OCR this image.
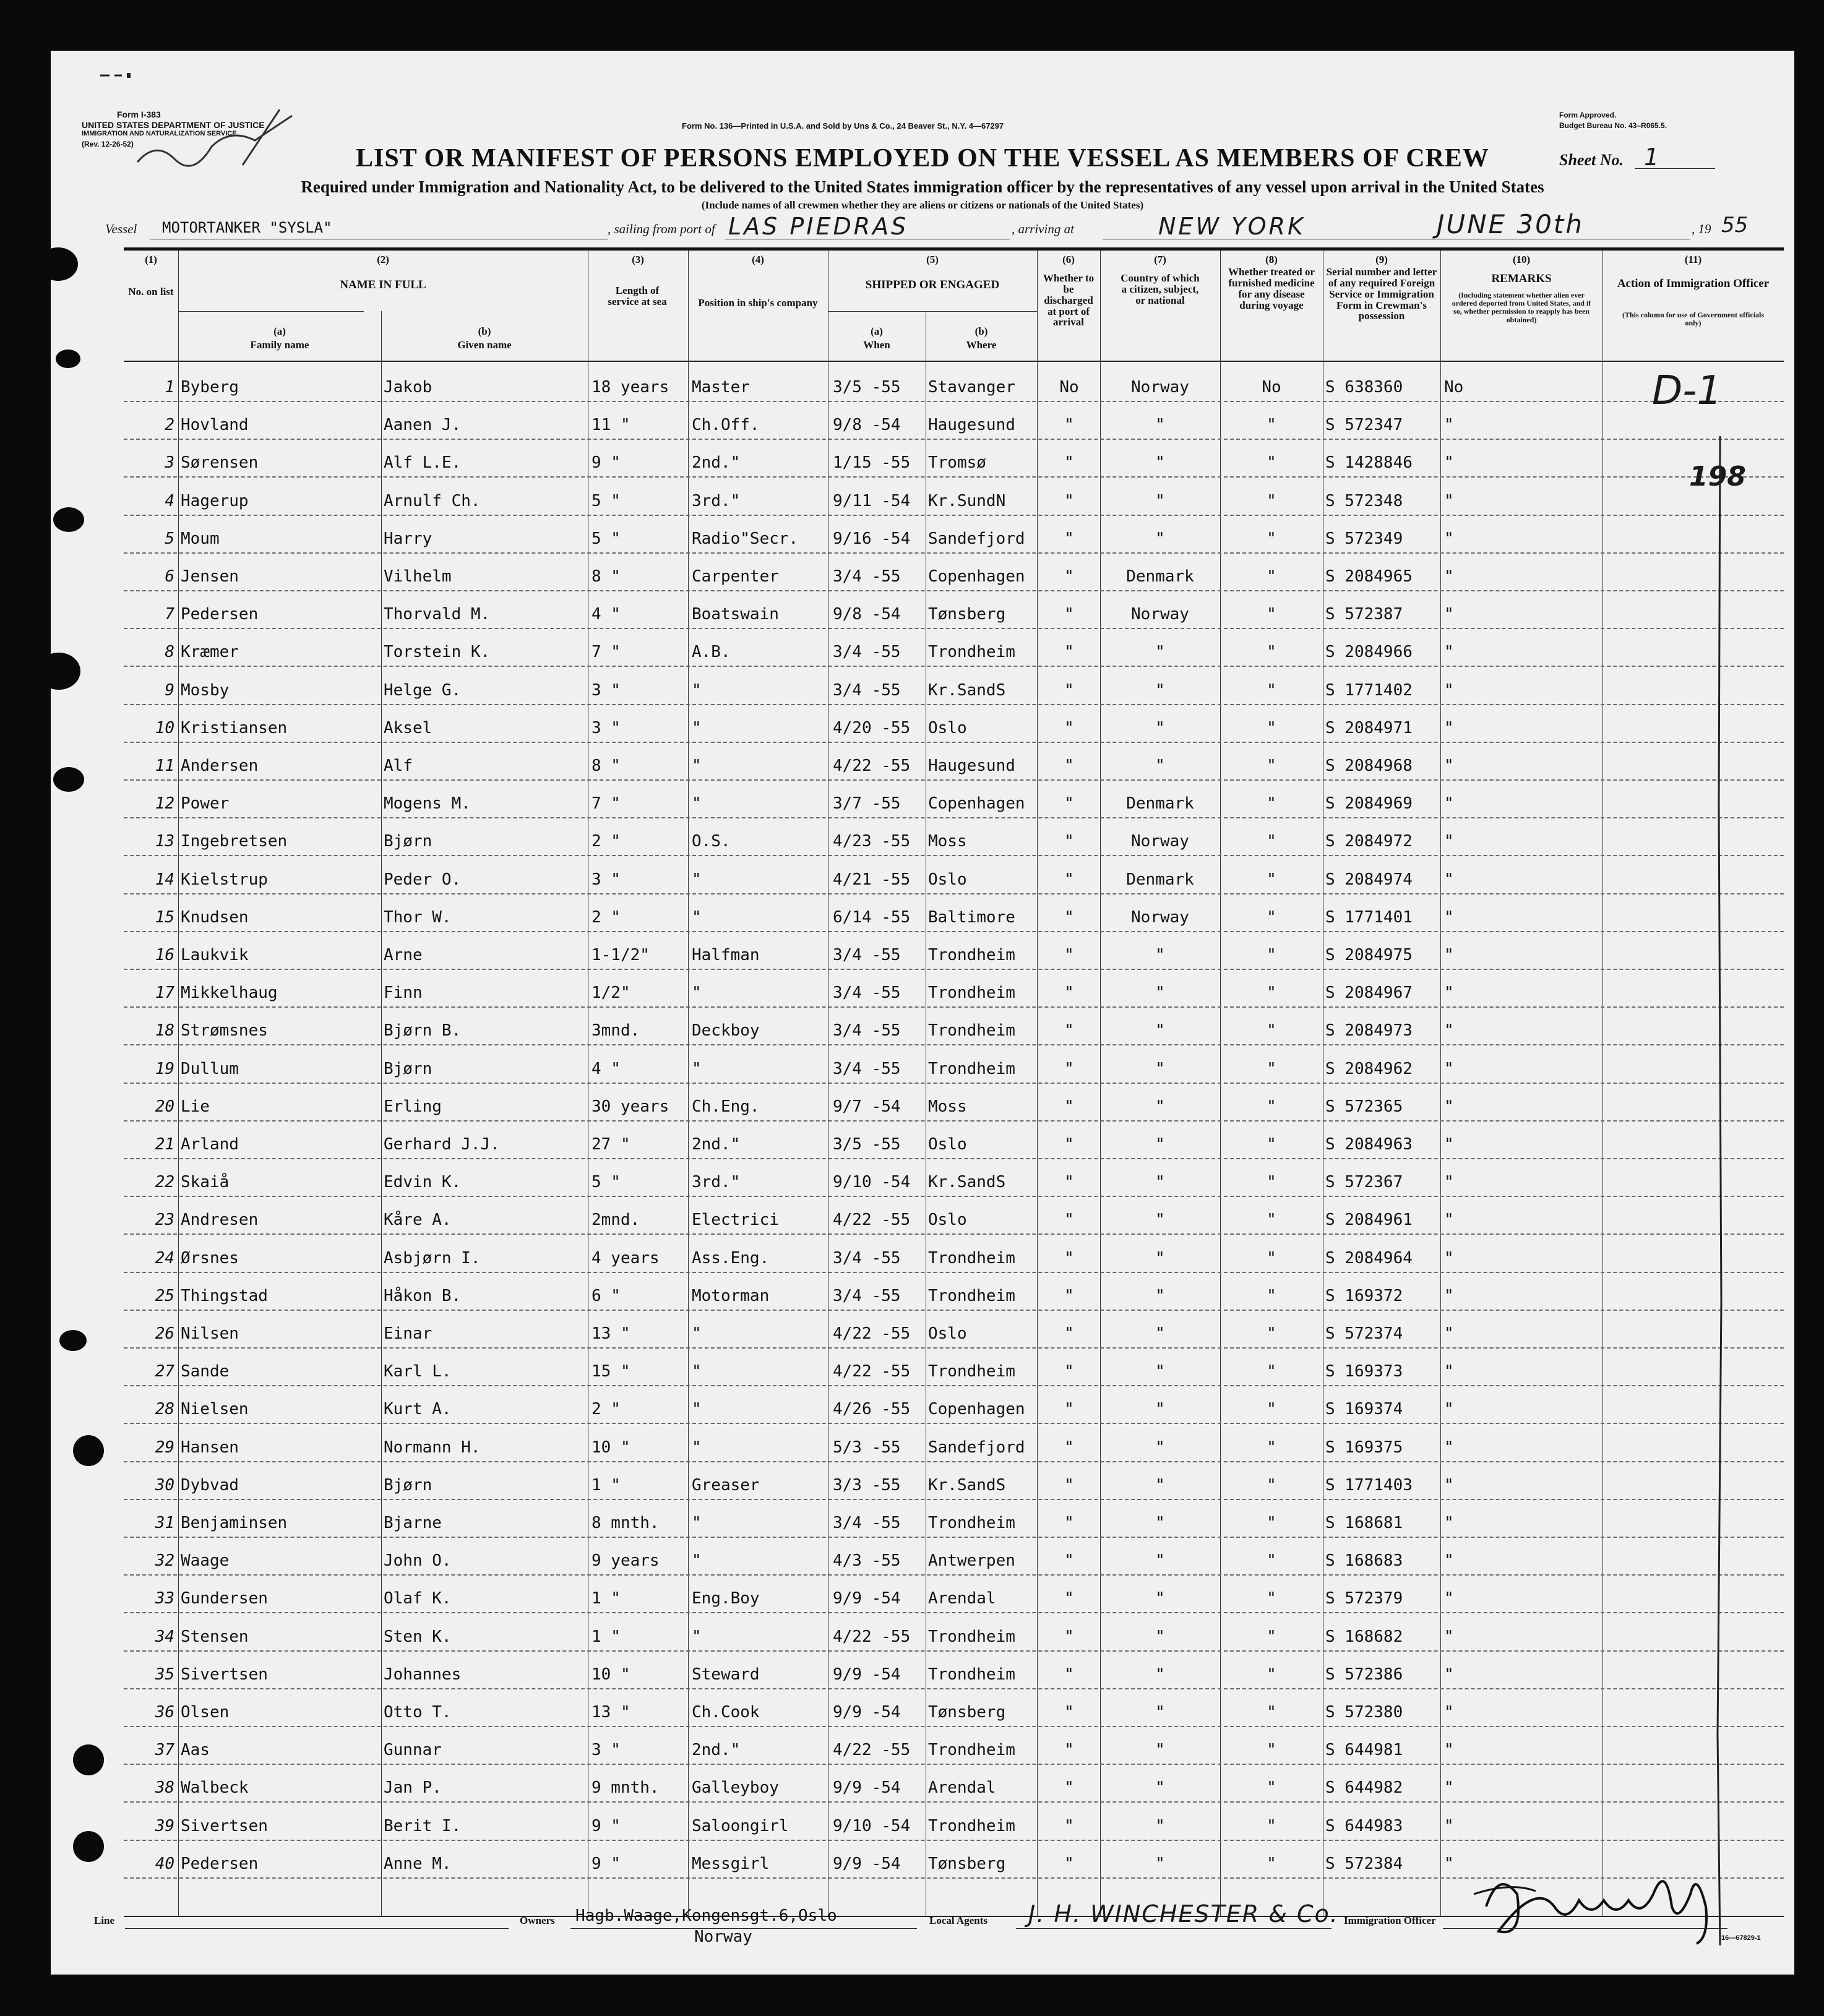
Form I-383
UNITED STATES DEPARTMENT OF JUSTICE
IMMIGRATION AND NATURALIZATION SERVICE
(Rev. 12-26-52)
Form No. 136—Printed in U.S.A. and Sold by Uns & Co., 24 Beaver St., N.Y. 4—67297
Form Approved.
Budget Bureau No. 43–R065.5.
LIST OR MANIFEST OF PERSONS EMPLOYED ON THE VESSEL AS MEMBERS OF CREW	Sheet No. 1
Required under Immigration and Nationality Act, to be delivered to the United States immigration officer by the representatives of any vessel upon arrival in the United States
(Include names of all crewmen whether they are aliens or citizens or nationals of the United States)
Vessel MOTORTANKER "SYSLA"	, sailing from port of LAS PIEDRAS	, arriving at	NEW YORK	JUNE 30th	, 19 55
(1)
No. on list
(2)
NAME IN FULL
(a)
Family name
(b)
Given name
(3)
Length of service at sea
(4)
Position in ship's company
(5)
SHIPPED OR ENGAGED
(a)
When
(b)
Where
(6)
Whether to be discharged at port of arrival
(7)
Country of which a citizen, subject, or national
(8)
Whether treated or furnished medicine for any disease during voyage
(9)
Serial number and letter of any required Foreign Service or Immigration Form in Crewman's possession
(10)
REMARKS
(Including statement whether alien ever ordered deported from United States, and if so, whether permission to reapply has been obtained)
(11)
Action of Immigration Officer
(This column for use of Government officials only)
1 Byberg	Jakob	18 years	Master	3/5 -55	Stavanger	No	Norway	No	S 638360	No
2 Hovland	Aanen J.	11 "	Ch.Off.	9/8 -54	Haugesund	"	"	"	S 572347	"
3 Sørensen	Alf L.E.	9 "	2nd."	1/15 -55	Tromsø	"	"	"	S 1428846	"
4 Hagerup	Arnulf Ch.	5 "	3rd."	9/11 -54	Kr.SundN	"	"	"	S 572348	"
5 Moum	Harry	5 "	Radio"Secr.	9/16 -54	Sandefjord	"	"	"	S 572349	"
6 Jensen	Vilhelm	8 "	Carpenter	3/4 -55	Copenhagen	"	Denmark	"	S 2084965	"
7 Pedersen	Thorvald M.	4 "	Boatswain	9/8 -54	Tønsberg	"	Norway	"	S 572387	"
8 Kræmer	Torstein K.	7 "	A.B.	3/4 -55	Trondheim	"	"	"	S 2084966	"
9 Mosby	Helge G.	3 "	"	3/4 -55	Kr.SandS	"	"	"	S 1771402	"
10 Kristiansen	Aksel	3 "	"	4/20 -55	Oslo	"	"	"	S 2084971	"
11 Andersen	Alf	8 "	"	4/22 -55	Haugesund	"	"	"	S 2084968	"
12 Power	Mogens M.	7 "	"	3/7 -55	Copenhagen	"	Denmark	"	S 2084969	"
13 Ingebretsen	Bjørn	2 "	O.S.	4/23 -55	Moss	"	Norway	"	S 2084972	"
14 Kielstrup	Peder O.	3 "	"	4/21 -55	Oslo	"	Denmark	"	S 2084974	"
15 Knudsen	Thor W.	2 "	"	6/14 -55	Baltimore	"	Norway	"	S 1771401	"
16 Laukvik	Arne	1-1/2"	Halfman	3/4 -55	Trondheim	"	"	"	S 2084975	"
17 Mikkelhaug	Finn	1/2"	"	3/4 -55	Trondheim	"	"	"	S 2084967	"
18 Strømsnes	Bjørn B.	3mnd.	Deckboy	3/4 -55	Trondheim	"	"	"	S 2084973	"
19 Dullum	Bjørn	4 "	"	3/4 -55	Trondheim	"	"	"	S 2084962	"
20 Lie	Erling	30 years	Ch.Eng.	9/7 -54	Moss	"	"	"	S 572365	"
21 Arland	Gerhard J.J.	27 "	2nd."	3/5 -55	Oslo	"	"	"	S 2084963	"
22 Skaiå	Edvin K.	5 "	3rd."	9/10 -54	Kr.SandS	"	"	"	S 572367	"
23 Andresen	Kåre A.	2mnd.	Electrici	4/22 -55	Oslo	"	"	"	S 2084961	"
24 Ørsnes	Asbjørn I.	4 years	Ass.Eng.	3/4 -55	Trondheim	"	"	"	S 2084964	"
25 Thingstad	Håkon B.	6 "	Motorman	3/4 -55	Trondheim	"	"	"	S 169372	"
26 Nilsen	Einar	13 "	"	4/22 -55	Oslo	"	"	"	S 572374	"
27 Sande	Karl L.	15 "	"	4/22 -55	Trondheim	"	"	"	S 169373	"
28 Nielsen	Kurt A.	2 "	"	4/26 -55	Copenhagen	"	"	"	S 169374	"
29 Hansen	Normann H.	10 "	"	5/3 -55	Sandefjord	"	"	"	S 169375	"
30 Dybvad	Bjørn	1 "	Greaser	3/3 -55	Kr.SandS	"	"	"	S 1771403	"
31 Benjaminsen	Bjarne	8 mnth.	"	3/4 -55	Trondheim	"	"	"	S 168681	"
32 Waage	John O.	9 years	"	4/3 -55	Antwerpen	"	"	"	S 168683	"
33 Gundersen	Olaf K.	1 "	Eng.Boy	9/9 -54	Arendal	"	"	"	S 572379	"
34 Stensen	Sten K.	1 "	"	4/22 -55	Trondheim	"	"	"	S 168682	"
35 Sivertsen	Johannes	10 "	Steward	9/9 -54	Trondheim	"	"	"	S 572386	"
36 Olsen	Otto T.	13 "	Ch.Cook	9/9 -54	Tønsberg	"	"	"	S 572380	"
37 Aas	Gunnar	3 "	2nd."	4/22 -55	Trondheim	"	"	"	S 644981	"
38 Walbeck	Jan P.	9 mnth.	Galleyboy	9/9 -54	Arendal	"	"	"	S 644982	"
39 Sivertsen	Berit I.	9 "	Saloongirl	9/10 -54	Trondheim	"	"	"	S 644983	"
40 Pedersen	Anne M.	9 "	Messgirl	9/9 -54	Tønsberg	"	"	"	S 572384	"
D-1
198
Line	Owners Hagb.Waage,Kongensgt.6,Oslo
Norway
Local Agents J. H. WINCHESTER & Co. Immigration Officer
16—67829-1
